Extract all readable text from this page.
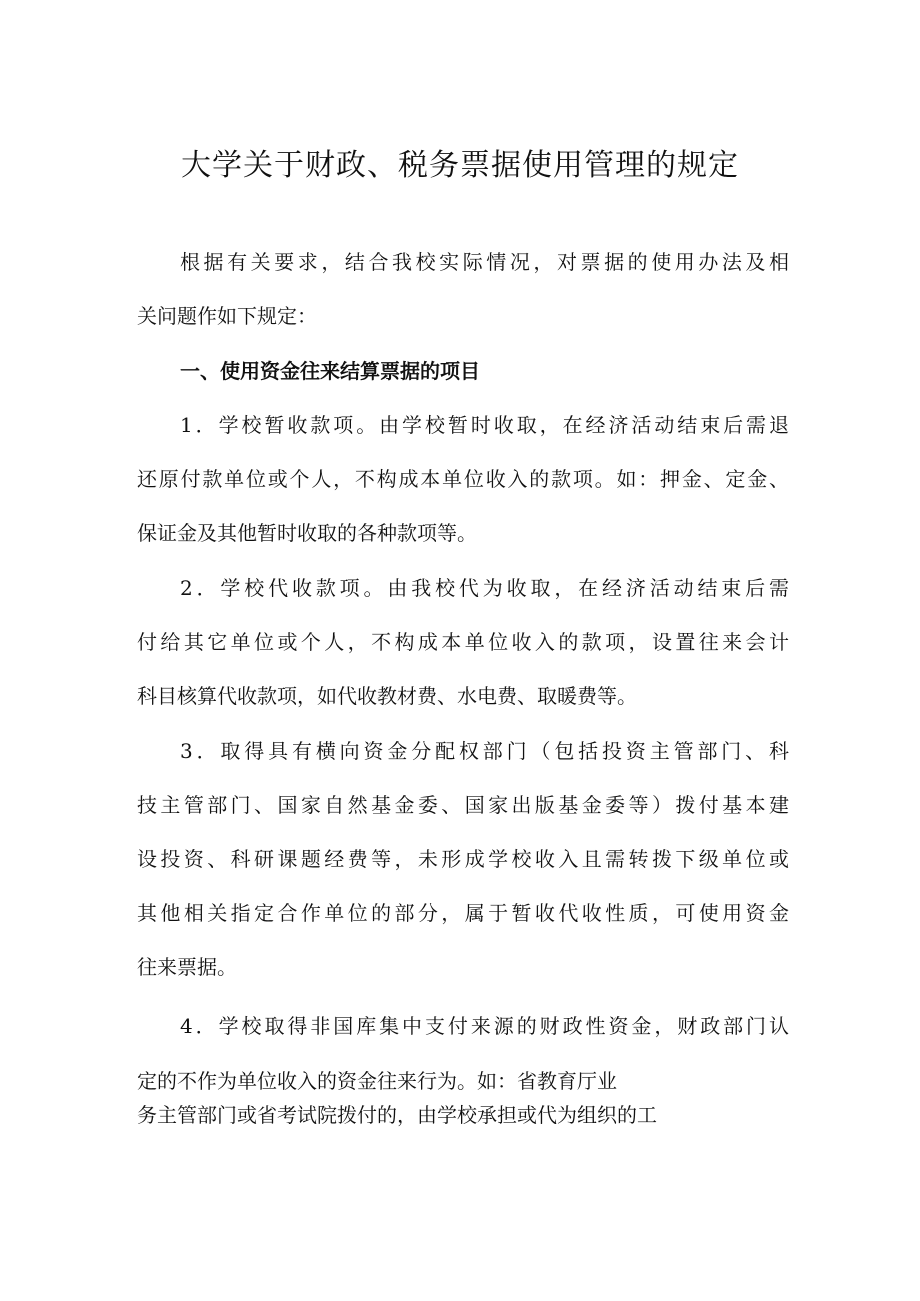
大学关于财政、税务票据使用管理的规定

根据有关要求，结合我校实际情况，对票据的使用办法及相

关问题作如下规定：

一、使用资金往来结算票据的项目

1．学校暂收款项。由学校暂时收取，在经济活动结束后需退

还原付款单位或个人，不构成本单位收入的款项。如：押金、定金、

保证金及其他暂时收取的各种款项等。

2．学校代收款项。由我校代为收取，在经济活动结束后需

付给其它单位或个人，不构成本单位收入的款项，设置往来会计

科目核算代收款项，如代收教材费、水电费、取暖费等。

3．取得具有横向资金分配权部门（包括投资主管部门、科

技主管部门、国家自然基金委、国家出版基金委等）拨付基本建

设投资、科研课题经费等，未形成学校收入且需转拨下级单位或

其他相关指定合作单位的部分，属于暂收代收性质，可使用资金

往来票据。

4．学校取得非国库集中支付来源的财政性资金，财政部门认

定的不作为单位收入的资金往来行为。如：省教育厅业

务主管部门或省考试院拨付的，由学校承担或代为组织的工
